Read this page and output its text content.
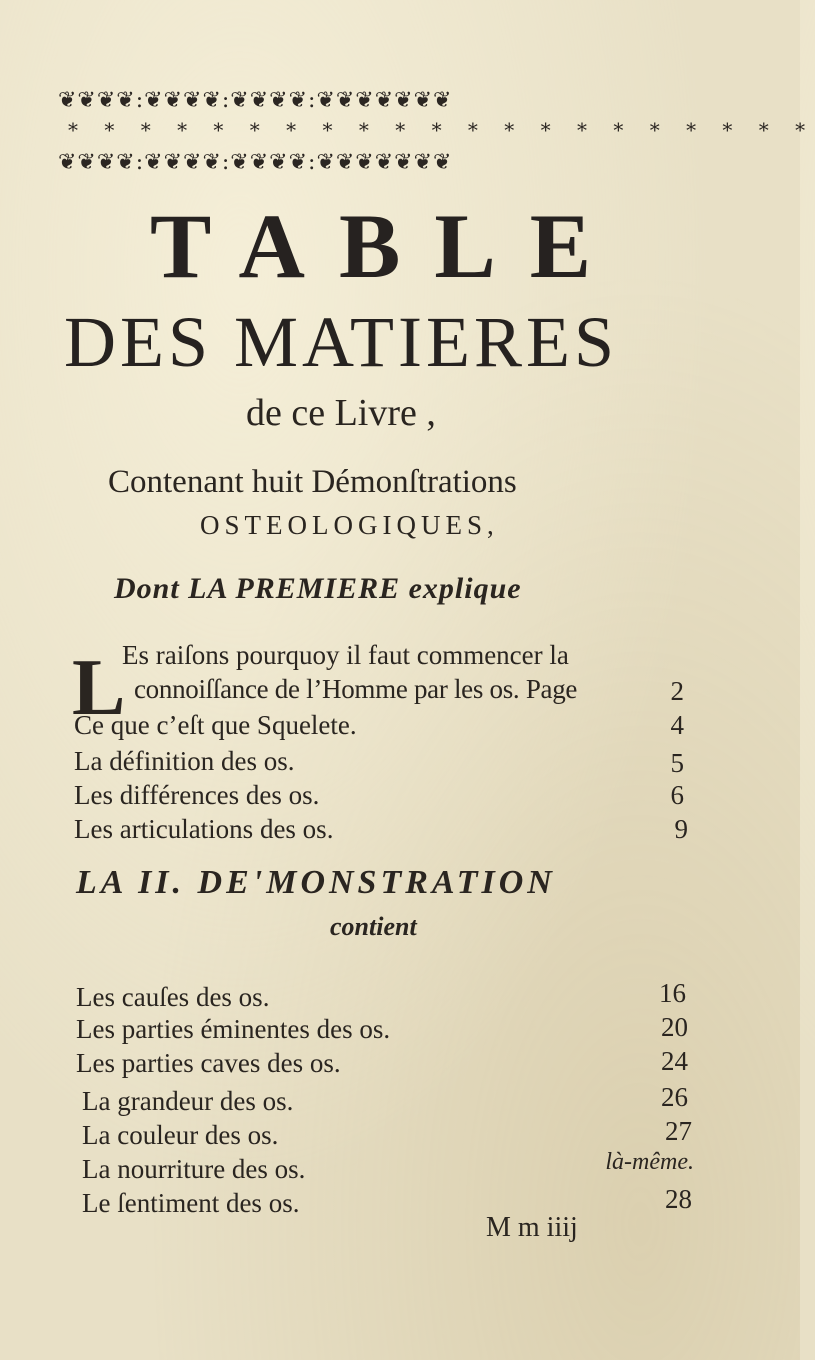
❦❦❦❦:❦❦❦❦:❦❦❦❦:❦❦❦❦❦❦❦
* * * * * * * * * * * * * * * * * * * * *
❦❦❦❦:❦❦❦❦:❦❦❦❦:❦❦❦❦❦❦❦
TABLE
DES MATIERES
de ce Livre ,
Contenant huit Démonſtrations
OSTEOLOGIQUES,
Dont LA PREMIERE explique
L
Es raiſons pourquoy il faut commencer la
connoiſſance de l’Homme par les os. Page	2
Ce que c’eſt que Squelete.	4
La définition des os.	5
Les différences des os.	6
Les articulations des os.	9
LA II. DE'MONSTRATION
contient
Les cauſes des os.	16
Les parties éminentes des os.	20
Les parties caves des os.	24
La grandeur des os.	26
La couleur des os.	27
La nourriture des os.	là-même.
Le ſentiment des os.	28
M m iiij
